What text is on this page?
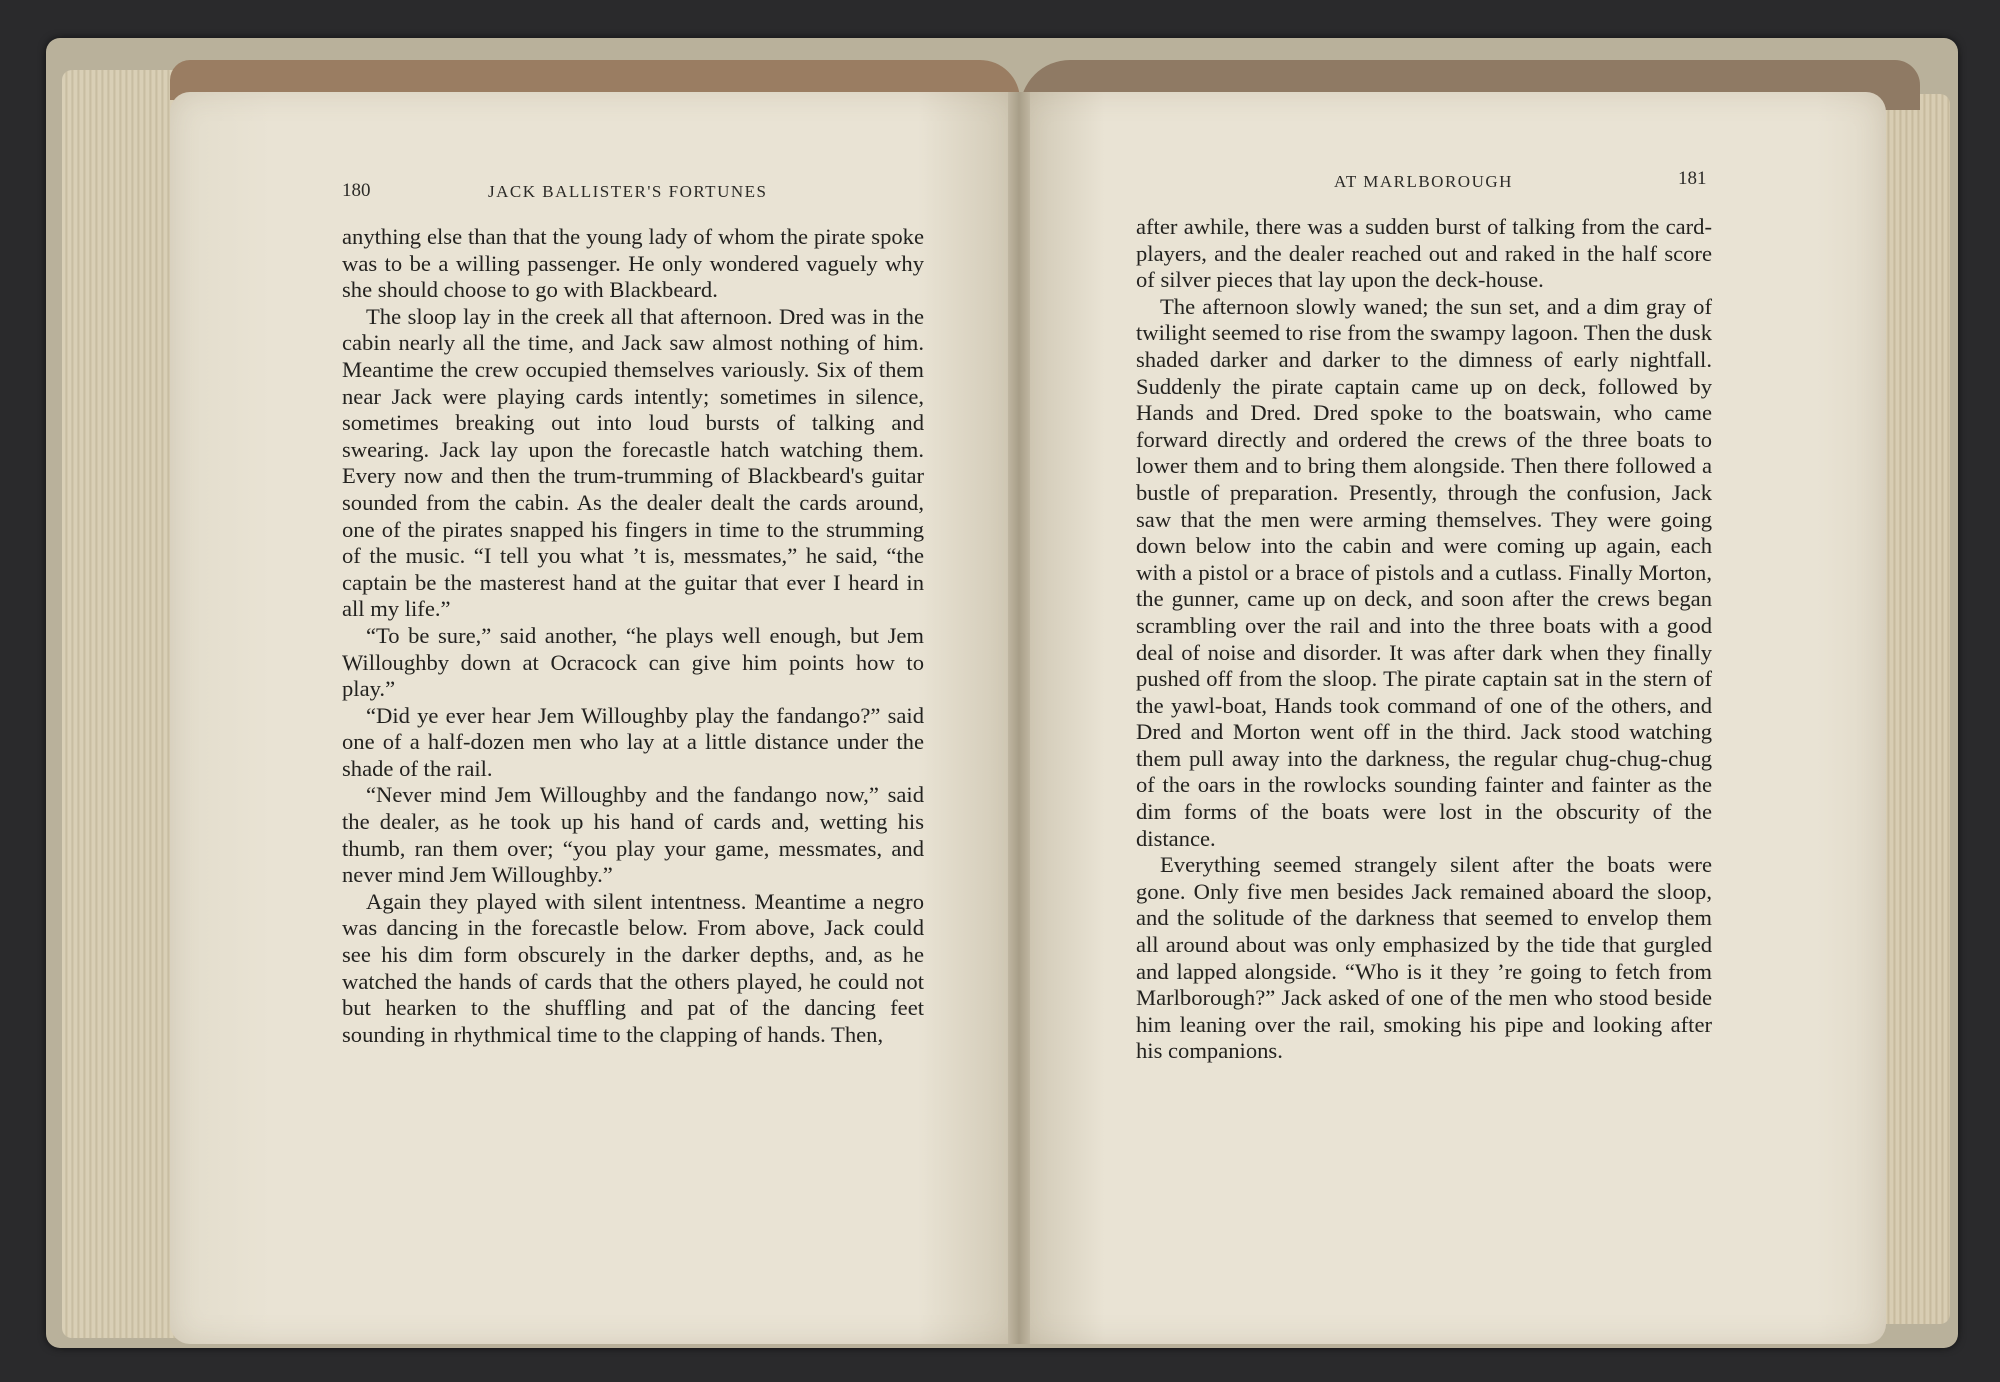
180	JACK BALLISTER'S FORTUNES
AT MARLBOROUGH	181

anything else than that the young lady of whom the pirate spoke was to be a willing passenger. He only wondered vaguely why she should choose to go with Blackbeard.

The sloop lay in the creek all that afternoon. Dred was in the cabin nearly all the time, and Jack saw almost nothing of him. Meantime the crew occupied themselves variously. Six of them near Jack were playing cards intently; sometimes in silence, sometimes breaking out into loud bursts of talking and swearing. Jack lay upon the forecastle hatch watching them. Every now and then the trum-trumming of Blackbeard's guitar sounded from the cabin. As the dealer dealt the cards around, one of the pirates snapped his fingers in time to the strumming of the music. “I tell you what ’t is, messmates,” he said, “the captain be the masterest hand at the guitar that ever I heard in all my life.”

“To be sure,” said another, “he plays well enough, but Jem Willoughby down at Ocracock can give him points how to play.”

“Did ye ever hear Jem Willoughby play the fandango?” said one of a half-dozen men who lay at a little distance under the shade of the rail.

“Never mind Jem Willoughby and the fandango now,” said the dealer, as he took up his hand of cards and, wetting his thumb, ran them over; “you play your game, messmates, and never mind Jem Willoughby.”

Again they played with silent intentness. Meantime a negro was dancing in the forecastle below. From above, Jack could see his dim form obscurely in the darker depths, and, as he watched the hands of cards that the others played, he could not but hearken to the shuffling and pat of the dancing feet sounding in rhythmical time to the clapping of hands. Then,

after awhile, there was a sudden burst of talking from the card-players, and the dealer reached out and raked in the half score of silver pieces that lay upon the deck-house.

The afternoon slowly waned; the sun set, and a dim gray of twilight seemed to rise from the swampy lagoon. Then the dusk shaded darker and darker to the dimness of early nightfall. Suddenly the pirate captain came up on deck, followed by Hands and Dred. Dred spoke to the boatswain, who came forward directly and ordered the crews of the three boats to lower them and to bring them alongside. Then there followed a bustle of preparation. Presently, through the confusion, Jack saw that the men were arming themselves. They were going down below into the cabin and were coming up again, each with a pistol or a brace of pistols and a cutlass. Finally Morton, the gunner, came up on deck, and soon after the crews began scrambling over the rail and into the three boats with a good deal of noise and disorder. It was after dark when they finally pushed off from the sloop. The pirate captain sat in the stern of the yawl-boat, Hands took command of one of the others, and Dred and Morton went off in the third. Jack stood watching them pull away into the darkness, the regular chug-chug-chug of the oars in the rowlocks sounding fainter and fainter as the dim forms of the boats were lost in the obscurity of the distance.

Everything seemed strangely silent after the boats were gone. Only five men besides Jack remained aboard the sloop, and the solitude of the darkness that seemed to envelop them all around about was only emphasized by the tide that gurgled and lapped alongside. “Who is it they ’re going to fetch from Marlborough?” Jack asked of one of the men who stood beside him leaning over the rail, smoking his pipe and looking after his companions.
